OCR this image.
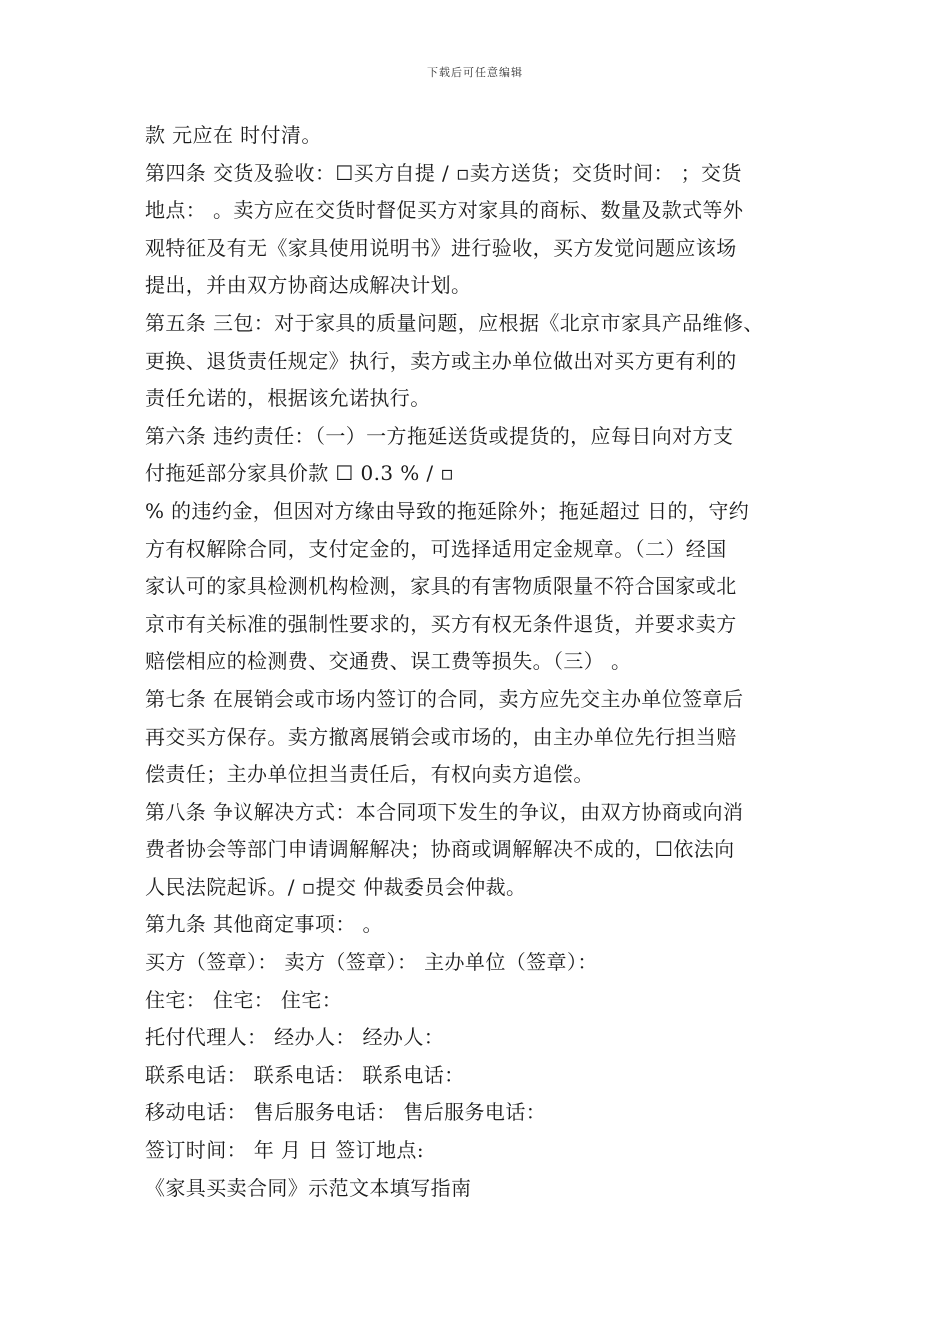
下载后可任意编辑
款 元应在 时付清。
第四条 交货及验收：☐买方自提 / ▫卖方送货；交货时间： ；交货
地点： 。卖方应在交货时督促买方对家具的商标、数量及款式等外
观特征及有无《家具使用说明书》进行验收，买方发觉问题应该场
提出，并由双方协商达成解决计划。
第五条 三包：对于家具的质量问题，应根据《北京市家具产品维修、
更换、退货责任规定》执行，卖方或主办单位做出对买方更有利的
责任允诺的，根据该允诺执行。
第六条 违约责任：（一）一方拖延送货或提货的，应每日向对方支
付拖延部分家具价款 ☐ 0.3 % / ▫
% 的违约金，但因对方缘由导致的拖延除外；拖延超过 日的，守约
方有权解除合同，支付定金的，可选择适用定金规章。（二）经国
家认可的家具检测机构检测，家具的有害物质限量不符合国家或北
京市有关标准的强制性要求的，买方有权无条件退货，并要求卖方
赔偿相应的检测费、交通费、误工费等损失。（三） 。
第七条 在展销会或市场内签订的合同，卖方应先交主办单位签章后
再交买方保存。卖方撤离展销会或市场的，由主办单位先行担当赔
偿责任；主办单位担当责任后，有权向卖方追偿。
第八条 争议解决方式：本合同项下发生的争议，由双方协商或向消
费者协会等部门申请调解解决；协商或调解解决不成的，☐依法向
人民法院起诉。/ ▫提交 仲裁委员会仲裁。
第九条 其他商定事项： 。
买方（签章）： 卖方（签章）： 主办单位（签章）：
住宅： 住宅： 住宅：
托付代理人： 经办人： 经办人：
联系电话： 联系电话： 联系电话：
移动电话： 售后服务电话： 售后服务电话：
签订时间： 年 月 日 签订地点:
《家具买卖合同》示范文本填写指南
